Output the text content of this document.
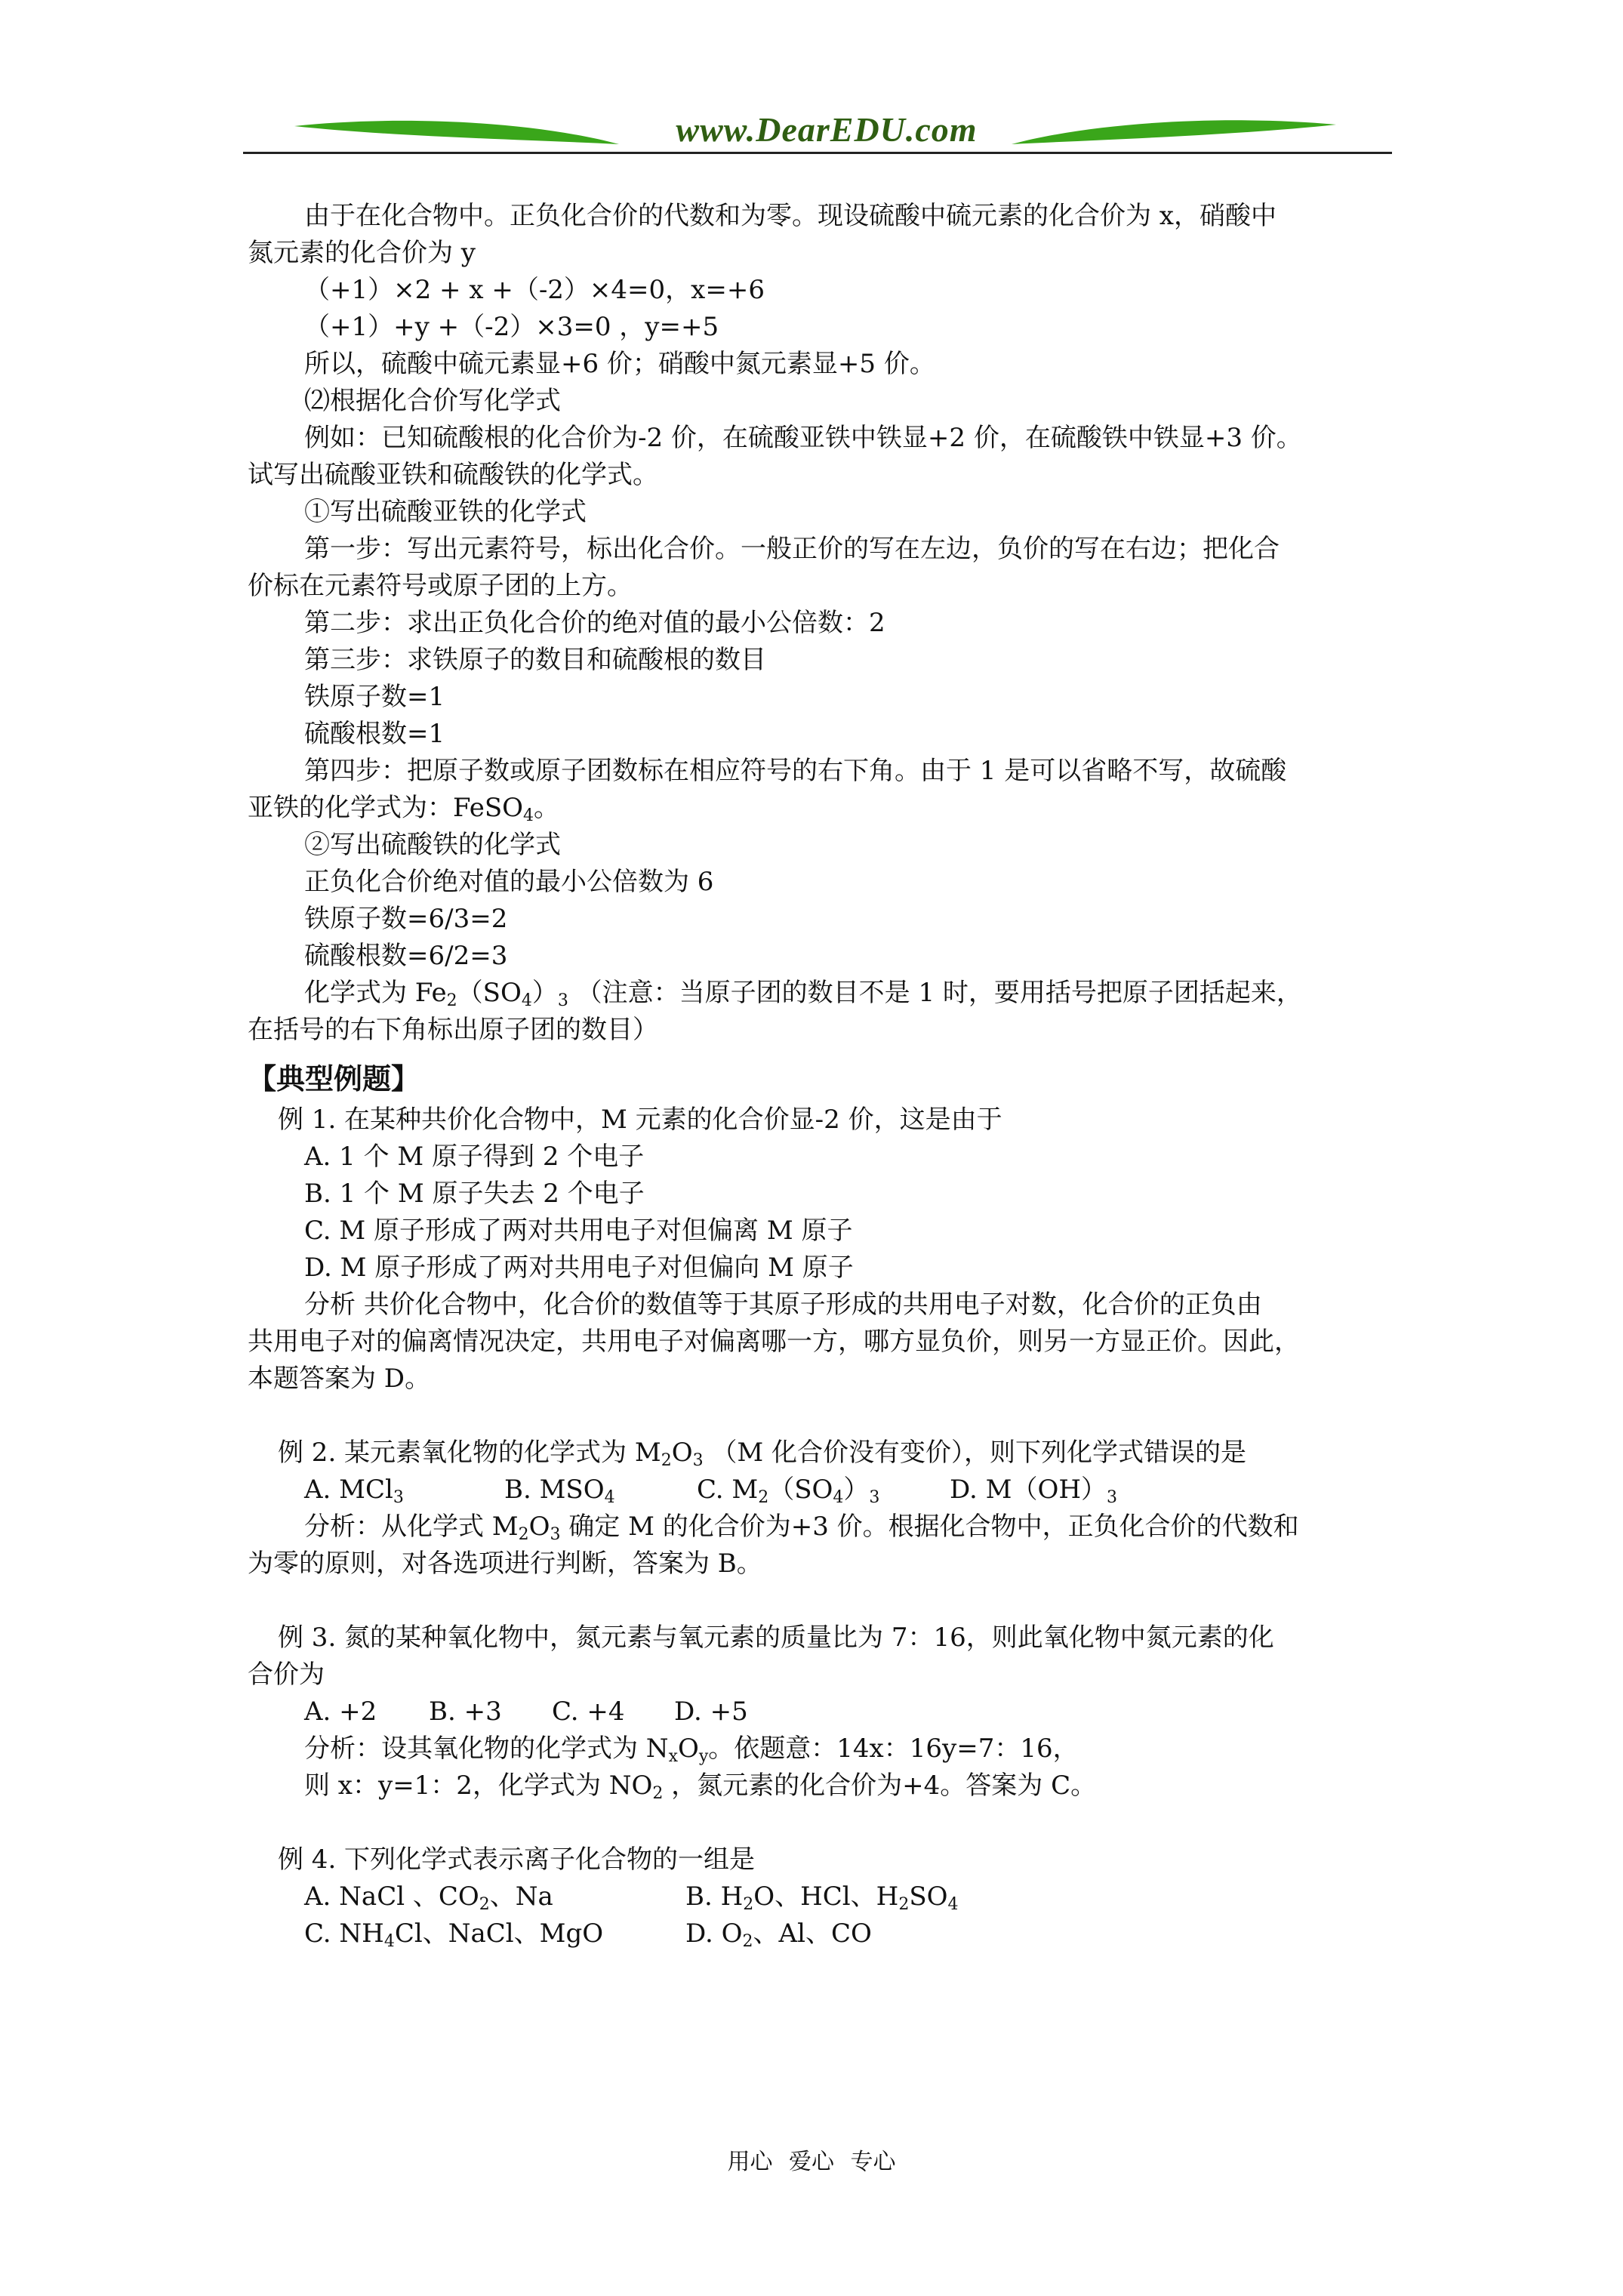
www.DearEDU.com

由于在化合物中。正负化合价的代数和为零。现设硫酸中硫元素的化合价为 x，硝酸中

氮元素的化合价为 y

（+1）×2 + x +（-2）×4=0，x=+6

（+1）+y +（-2）×3=0 ，y=+5

所以，硫酸中硫元素显+6 价；硝酸中氮元素显+5 价。

⑵根据化合价写化学式

例如：已知硫酸根的化合价为-2 价，在硫酸亚铁中铁显+2 价，在硫酸铁中铁显+3 价。

试写出硫酸亚铁和硫酸铁的化学式。

①写出硫酸亚铁的化学式

第一步：写出元素符号，标出化合价。一般正价的写在左边，负价的写在右边；把化合

价标在元素符号或原子团的上方。

第二步：求出正负化合价的绝对值的最小公倍数：2

第三步：求铁原子的数目和硫酸根的数目

铁原子数=1

硫酸根数=1

第四步：把原子数或原子团数标在相应符号的右下角。由于 1 是可以省略不写，故硫酸

亚铁的化学式为：FeSO$_4$。

②写出硫酸铁的化学式

正负化合价绝对值的最小公倍数为 6

铁原子数=6/3=2

硫酸根数=6/2=3

化学式为 $Fe_2(SO_4)_3$ （注意：当原子团的数目不是 1 时，要用括号把原子团括起来，

在括号的右下角标出原子团的数目）

【典型例题】

例 1. 在某种共价化合物中，M 元素的化合价显-2 价，这是由于

A. 1 个 M 原子得到 2 个电子

B. 1 个 M 原子失去 2 个电子

C. M 原子形成了两对共用电子对但偏离 M 原子

D. M 原子形成了两对共用电子对但偏向 M 原子

分析 共价化合物中，化合价的数值等于其原子形成的共用电子对数，化合价的正负由

共用电子对的偏离情况决定，共用电子对偏离哪一方，哪方显负价，则另一方显正价。因此，

本题答案为 D。

例 2. 某元素氧化物的化学式为 $M_2O_3$ （M 化合价没有变价），则下列化学式错误的是

A. MCl$_3$	B. $MSO_4$	C. $M_2(SO_4)_3$	D. $M(OH)_3$

分析：从化学式 $M_2O_3$ 确定 M 的化合价为+3 价。根据化合物中，正负化合价的代数和

为零的原则，对各选项进行判断，答案为 B。

例 3. 氮的某种氧化物中，氮元素与氧元素的质量比为 7：16，则此氧化物中氮元素的化

合价为

A. +2 B. +3 C. +4 D. +5

分析：设其氧化物的化学式为 $N_xO_y$。依题意：14x：16y=7：16，

则 x：y=1：2，化学式为 $NO_2$ ，氮元素的化合价为+4。答案为 C。

例 4. 下列化学式表示离子化合物的一组是

A. NaCl 、$CO_2$、Na	B. $H_2O$、HCl、$H_2SO_4$

C. $NH_4Cl$、NaCl、MgO	D. $O_2$、Al、CO

用心 爱心 专心
